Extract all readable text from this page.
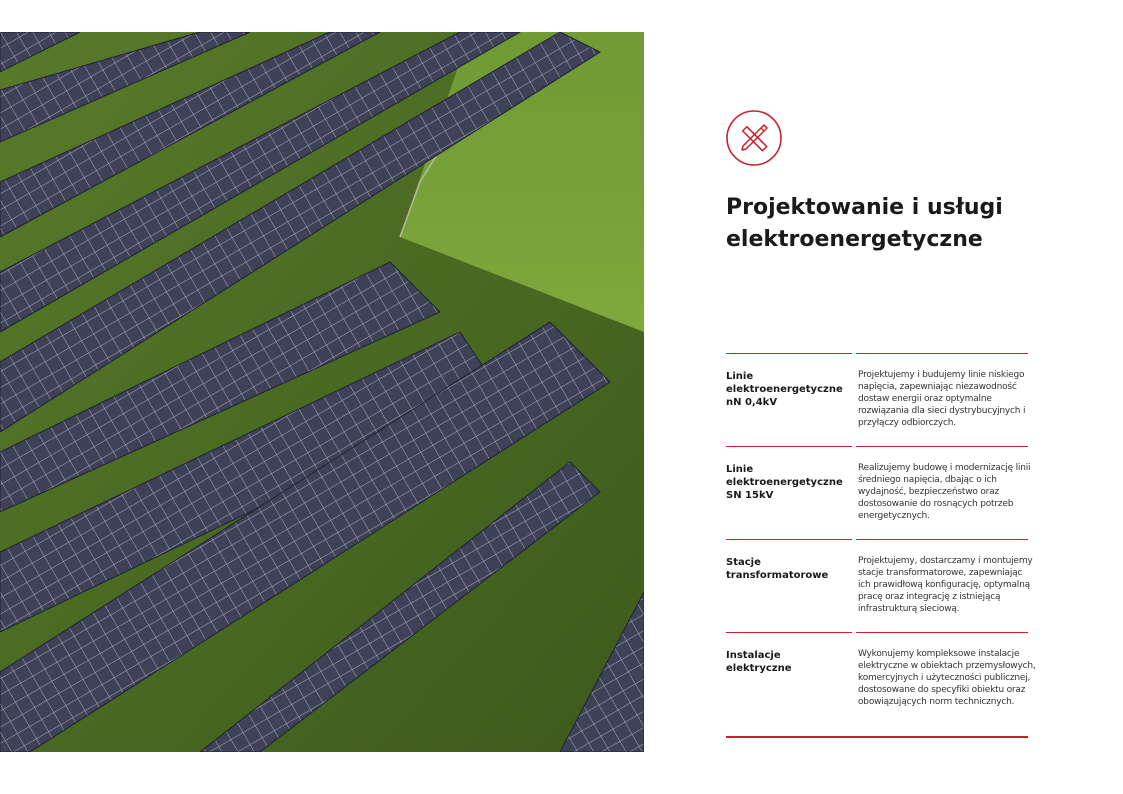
Projektowanie i usługi elektroenergetyczne
Linie elektroenergetyczne nN 0,4kV
Projektujemy i budujemy linie niskiego napięcia, zapewniając niezawodność dostaw energii oraz optymalne rozwiązania dla sieci dystrybucyjnych i przyłączy odbiorczych.
Linie elektroenergetyczne SN 15kV
Realizujemy budowę i modernizację linii średniego napięcia, dbając o ich wydajność, bezpieczeństwo oraz dostosowanie do rosnących potrzeb energetycznych.
Stacje transformatorowe
Projektujemy, dostarczamy i montujemy stacje transformatorowe, zapewniając ich prawidłową konfigurację, optymalną pracę oraz integrację z istniejącą infrastrukturą sieciową.
Instalacje elektryczne
Wykonujemy kompleksowe instalacje elektryczne w obiektach przemysłowych, komercyjnych i użyteczności publicznej, dostosowane do specyfiki obiektu oraz obowiązujących norm technicznych.
